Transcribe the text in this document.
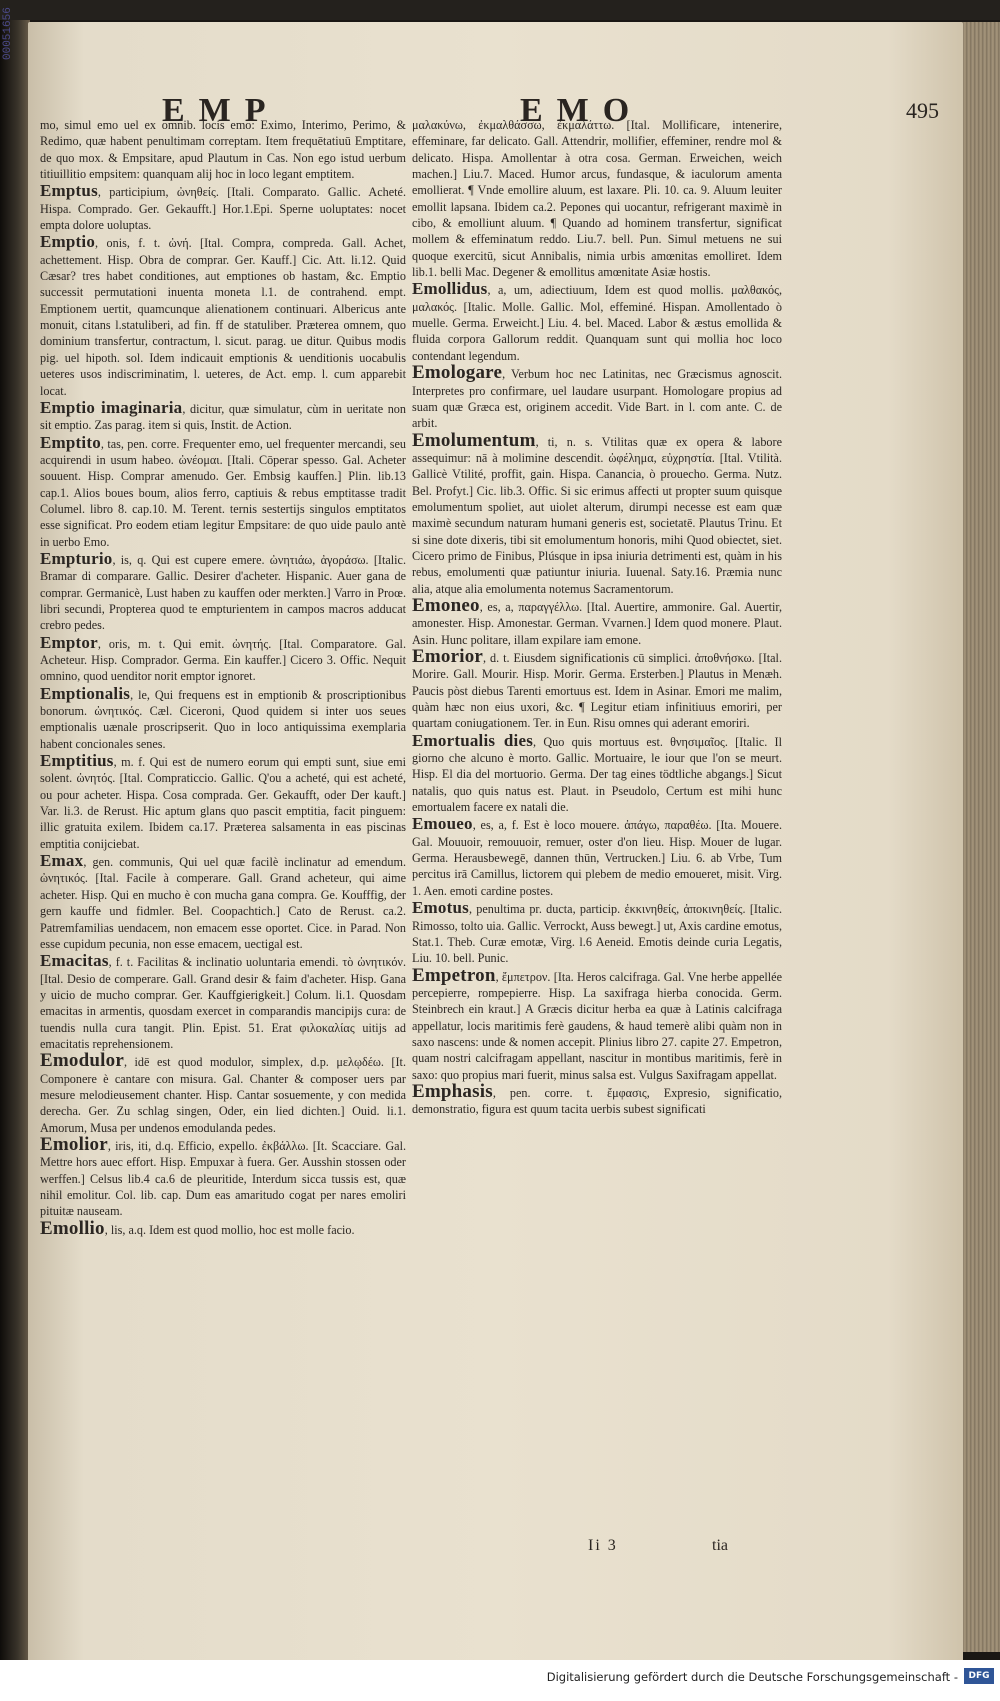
00051656
EMP	EMO	495

mo, simul emo uel ex omnib. locis emo: Eximo, Interimo, Perimo, & Redimo, quæ habent penultimam correptam. Item frequētatiuū Emptitare, de quo mox. & Empsitare, apud Plautum in Cas. Non ego istud uerbum titiuillitio empsitem: quanquam alij hoc in loco legant emptitem.

Emptus, participium, ὠνηθείς. [Itali. Comparato. Gallic. Acheté. Hispa. Comprado. Ger. Gekaufft.] Hor.1.Epi. Sperne uoluptates: nocet empta dolore uoluptas.

Emptio, onis, f. t. ὠνή. [Ital. Compra, compreda. Gall. Achet, achettement. Hisp. Obra de comprar. Ger. Kauff.] Cic. Att. li.12. Quid Cæsar? tres habet conditiones, aut emptiones ob hastam, &c. Emptio successit permutationi inuenta moneta l.1. de contrahend. empt. Emptionem uertit, quamcunque alienationem continuari. Albericus ante monuit, citans l.statuliberi, ad fin. ff de statuliber. Præterea omnem, quo dominium transfertur, contractum, l. sicut. parag. ue ditur. Quibus modis pig. uel hipoth. sol. Idem indicauit emptionis & uenditionis uocabulis ueteres usos indiscriminatim, l. ueteres, de Act. emp. l. cum apparebit locat.

Emptio imaginaria, dicitur, quæ simulatur, cùm in ueritate non sit emptio. Zas parag. item si quis, Instit. de Action.

Emptito, tas, pen. corre. Frequenter emo, uel frequenter mercandi, seu acquirendi in usum habeo. ὠνέομαι. [Itali. Cōperar spesso. Gal. Acheter souuent. Hisp. Comprar amenudo. Ger. Embsig kauffen.] Plin. lib.13 cap.1. Alios boues boum, alios ferro, captiuis & rebus emptitasse tradit Columel. libro 8. cap.10. M. Terent. ternis sestertijs singulos emptitatos esse significat. Pro eodem etiam legitur Empsitare: de quo uide paulo antè in uerbo Emo.

Empturio, is, q. Qui est cupere emere. ὠνητιάω, ἀγοράσω. [Italic. Bramar di comparare. Gallic. Desirer d'acheter. Hispanic. Auer gana de comprar. Germanicè, Lust haben zu kauffen oder merkten.] Varro in Proœ. libri secundi, Propterea quod te empturientem in campos macros adducat crebro pedes.

Emptor, oris, m. t. Qui emit. ὠνητής. [Ital. Comparatore. Gal. Acheteur. Hisp. Comprador. Germa. Ein kauffer.] Cicero 3. Offic. Nequit omnino, quod uenditor norit emptor ignoret.

Emptionalis, le, Qui frequens est in emptionib & proscriptionibus bonorum. ὠνητικός. Cæl. Ciceroni, Quod quidem si inter uos seues emptionalis uænale proscripserit. Quo in loco antiquissima exemplaria habent concionales senes.

Emptitius, m. f. Qui est de numero eorum qui empti sunt, siue emi solent. ὠνητός. [Ital. Compraticcio. Gallic. Q'ou a acheté, qui est acheté, ou pour acheter. Hispa. Cosa comprada. Ger. Gekaufft, oder Der kauft.] Var. li.3. de Rerust. Hic aptum glans quo pascit emptitia, facit pinguem: illic gratuita exilem. Ibidem ca.17. Præterea salsamenta in eas piscinas emptitia conijciebat.

Emax, gen. communis, Qui uel quæ facilè inclinatur ad emendum. ὠνητικός. [Ital. Facile à comperare. Gall. Grand acheteur, qui aime acheter. Hisp. Qui en mucho è con mucha gana compra. Ge. Koufffig, der gern kauffe und fidmler. Bel. Coopachtich.] Cato de Rerust. ca.2. Patremfamilias uendacem, non emacem esse oportet. Cice. in Parad. Non esse cupidum pecunia, non esse emacem, uectigal est.

Emacitas, f. t. Facilitas & inclinatio uoluntaria emendi. τὸ ὠνητικόν. [Ital. Desio de comperare. Gall. Grand desir & faim d'acheter. Hisp. Gana y uicio de mucho comprar. Ger. Kauffgierigkeit.] Colum. li.1. Quosdam emacitas in armentis, quosdam exercet in comparandis mancipijs cura: de tuendis nulla cura tangit. Plin. Epist. 51. Erat φιλοκαλίας uitijs ad emacitatis reprehensionem.

Emodulor, idē est quod modulor, simplex, d.p. μελῳδέω. [It. Componere è cantare con misura. Gal. Chanter & composer uers par mesure melodieusement chanter. Hisp. Cantar sosuemente, y con medida derecha. Ger. Zu schlag singen, Oder, ein lied dichten.] Ouid. li.1. Amorum, Musa per undenos emodulanda pedes.

Emolior, iris, iti, d.q. Efficio, expello. ἐκβάλλω. [It. Scacciare. Gal. Mettre hors auec effort. Hisp. Empuxar à fuera. Ger. Ausshin stossen oder werffen.] Celsus lib.4 ca.6 de pleuritide, Interdum sicca tussis est, quæ nihil emolitur. Col. lib. cap. Dum eas amaritudo cogat per nares emoliri pituitæ nauseam.

Emollio, lis, a.q. Idem est quod mollio, hoc est molle facio.

μαλακύνω, ἐκμαλθάσσω, ἐκμαλάττω. [Ital. Mollificare, intenerire, effeminare, far delicato. Gall. Attendrir, mollifier, effeminer, rendre mol & delicato. Hispa. Amollentar à otra cosa. German. Erweichen, weich machen.] Liu.7. Maced. Humor arcus, fundasque, & iaculorum amenta emollierat. ¶ Vnde emollire aluum, est laxare. Pli. 10. ca. 9. Aluum leuiter emollit lapsana. Ibidem ca.2. Pepones qui uocantur, refrigerant maximè in cibo, & emolliunt aluum. ¶ Quando ad hominem transfertur, significat mollem & effeminatum reddo. Liu.7. bell. Pun. Simul metuens ne sui quoque exercitū, sicut Annibalis, nimia urbis amœnitas emolliret. Idem lib.1. belli Mac. Degener & emollitus amœnitate Asiæ hostis.

Emollidus, a, um, adiectiuum, Idem est quod mollis. μαλθακός, μαλακός. [Italic. Molle. Gallic. Mol, effeminé. Hispan. Amollentado ò muelle. Germa. Erweicht.] Liu. 4. bel. Maced. Labor & æstus emollida & fluida corpora Gallorum reddit. Quanquam sunt qui mollia hoc loco contendant legendum.

Emologare, Verbum hoc nec Latinitas, nec Græcismus agnoscit. Interpretes pro confirmare, uel laudare usurpant. Homologare propius ad suam quæ Græca est, originem accedit. Vide Bart. in l. com ante. C. de arbit.

Emolumentum, ti, n. s. Vtilitas quæ ex opera & labore assequimur: nā à molimine descendit. ὠφέλημα, εὐχρηστία. [Ital. Vtilità. Gallicè Vtilité, proffit, gain. Hispa. Canancia, ò prouecho. Germa. Nutz. Bel. Profyt.] Cic. lib.3. Offic. Si sic erimus affecti ut propter suum quisque emolumentum spoliet, aut uiolet alterum, dirumpi necesse est eam quæ maximè secundum naturam humani generis est, societatē. Plautus Trinu. Et si sine dote dixeris, tibi sit emolumentum honoris, mihi Quod obiectet, siet. Cicero primo de Finibus, Plúsque in ipsa iniuria detrimenti est, quàm in his rebus, emolumenti quæ patiuntur iniuria. Iuuenal. Saty.16. Præmia nunc alia, atque alia emolumenta notemus Sacramentorum.

Emoneo, es, a, παραγγέλλω. [Ital. Auertire, ammonire. Gal. Auertir, amonester. Hisp. Amonestar. German. Vvarnen.] Idem quod monere. Plaut. Asin. Hunc politare, illam expilare iam emone.

Emorior, d. t. Eiusdem significationis cū simplici. ἀποθνήσκω. [Ital. Morire. Gall. Mourir. Hisp. Morir. Germa. Ersterben.] Plautus in Menæh. Paucis pòst diebus Tarenti emortuus est. Idem in Asinar. Emori me malim, quàm hæc non eius uxori, &c. ¶ Legitur etiam infinitiuus emoriri, per quartam coniugationem. Ter. in Eun. Risu omnes qui aderant emoriri.

Emortualis dies, Quo quis mortuus est. θνησιμαῖος. [Italic. Il giorno che alcuno è morto. Gallic. Mortuaire, le iour que l'on se meurt. Hisp. El dia del mortuorio. Germa. Der tag eines tödtliche abgangs.] Sicut natalis, quo quis natus est. Plaut. in Pseudolo, Certum est mihi hunc emortualem facere ex natali die.

Emoueo, es, a, f. Est è loco mouere. ἀπάγω, παραθέω. [Ita. Mouere. Gal. Mouuoir, remouuoir, remuer, oster d'on lieu. Hisp. Mouer de lugar. Germa. Herausbewegē, dannen thūn, Vertrucken.] Liu. 6. ab Vrbe, Tum percitus irā Camillus, lictorem qui plebem de medio emoueret, misit. Virg. 1. Aen. emoti cardine postes.

Emotus, penultima pr. ducta, particip. ἐκκινηθείς, ἀποκινηθείς. [Italic. Rimosso, tolto uia. Gallic. Verrockt, Auss bewegt.] ut, Axis cardine emotus, Stat.1. Theb. Curæ emotæ, Virg. l.6 Aeneid. Emotis deinde curia Legatis, Liu. 10. bell. Punic.

Empetron, ἔμπετρον. [Ita. Heros calcifraga. Gal. Vne herbe appellée percepierre, rompepierre. Hisp. La saxifraga hierba conocida. Germ. Steinbrech ein kraut.] A Græcis dicitur herba ea quæ à Latinis calcifraga appellatur, locis maritimis ferè gaudens, & haud temerè alibi quàm non in saxo nascens: unde & nomen accepit. Plinius libro 27. capite 27. Empetron, quam nostri calcifragam appellant, nascitur in montibus maritimis, ferè in saxo: quo propius mari fuerit, minus salsa est. Vulgus Saxifragam appellat.

Emphasis, pen. corre. t. ἔμφασις, Expresio, significatio, demonstratio, figura est quum tacita uerbis subest significati

Ii 3	tia
Digitalisierung gefördert durch die Deutsche Forschungsgemeinschaft -	DFG
